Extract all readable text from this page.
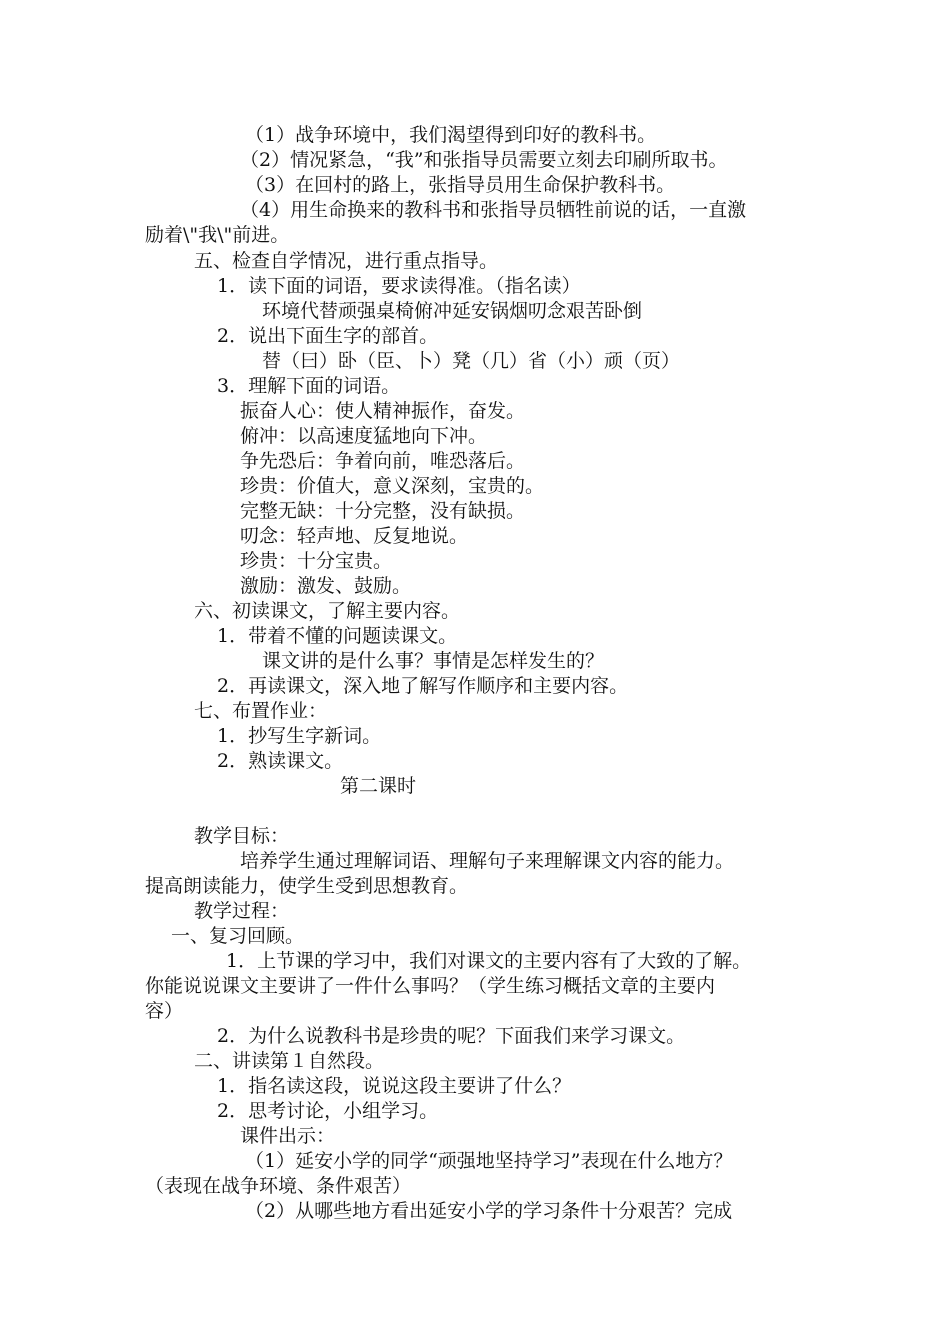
（1）战争环境中，我们渴望得到印好的教科书。
（2）情况紧急，“我”和张指导员需要立刻去印刷所取书。
（3）在回村的路上，张指导员用生命保护教科书。
（4）用生命换来的教科书和张指导员牺牲前说的话，一直激
励着\"我\"前进。
五、检查自学情况，进行重点指导。
1．读下面的词语，要求读得准。（指名读）
环境代替顽强桌椅俯冲延安锅烟叨念艰苦卧倒
2．说出下面生字的部首。
替（曰）卧（臣、卜）凳（几）省（小）顽（页）
3．理解下面的词语。
振奋人心：使人精神振作，奋发。
俯冲：以高速度猛地向下冲。
争先恐后：争着向前，唯恐落后。
珍贵：价值大，意义深刻，宝贵的。
完整无缺：十分完整，没有缺损。
叨念：轻声地、反复地说。
珍贵：十分宝贵。
激励：激发、鼓励。
六、初读课文，了解主要内容。
1．带着不懂的问题读课文。
课文讲的是什么事？事情是怎样发生的？
2．再读课文，深入地了解写作顺序和主要内容。
七、布置作业：
1．抄写生字新词。
2．熟读课文。
第二课时
教学目标：
培养学生通过理解词语、理解句子来理解课文内容的能力。
提高朗读能力，使学生受到思想教育。
教学过程：
一、复习回顾。
1．上节课的学习中，我们对课文的主要内容有了大致的了解。
你能说说课文主要讲了一件什么事吗？（学生练习概括文章的主要内
容）
2．为什么说教科书是珍贵的呢？下面我们来学习课文。
二、讲读第１自然段。
1．指名读这段，说说这段主要讲了什么？
2．思考讨论，小组学习。
课件出示：
（1）延安小学的同学“顽强地坚持学习”表现在什么地方？
（表现在战争环境、条件艰苦）
（2）从哪些地方看出延安小学的学习条件十分艰苦？完成
